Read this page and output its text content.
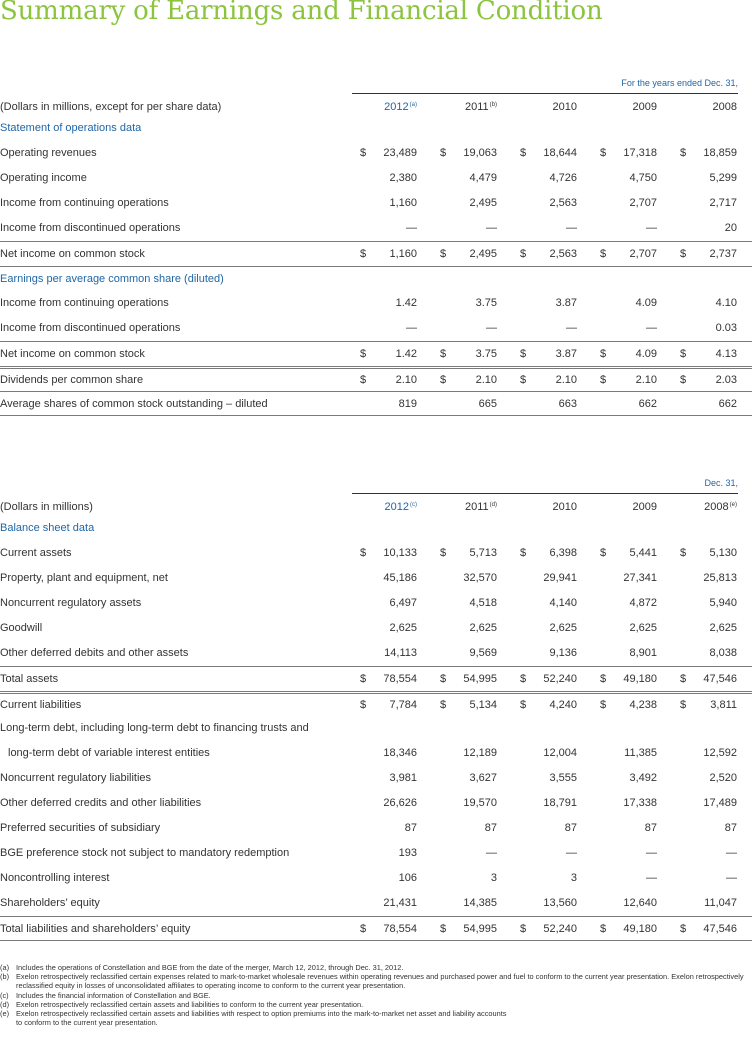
Summary of Earnings and Financial Condition
For the years ended Dec. 31,
(Dollars in millions, except for per share data)	2012$^{(a)}$	2011$^{(b)}$	2010	2009	2008
Statement of operations data
Operating revenues	$ 23,489 $ 19,063 $ 18,644 $ 17,318 $ 18,859
Operating income	2,380	4,479	4,726	4,750	5,299
Income from continuing operations	1,160	2,495	2,563	2,707	2,717
Income from discontinued operations	—	—	—	—	20
Net income on common stock	$ 1,160 $ 2,495 $ 2,563 $ 2,707 $ 2,737
Earnings per average common share (diluted)
Income from continuing operations	1.42	3.75	3.87	4.09	4.10
Income from discontinued operations	—	—	—	—	0.03
Net income on common stock	$	1.42 $	3.75 $	3.87 $	4.09 $	4.13
Dividends per common share	$	2.10 $	2.10 $	2.10 $	2.10 $	2.03
Average shares of common stock outstanding – diluted	819	665	663	662	662
Dec. 31,
(Dollars in millions)	2012$^{(c)}$	2011$^{(d)}$	2010	2009	2008$^{(e)}$
Balance sheet data
Current assets	$ 10,133 $ 5,713 $ 6,398 $ 5,441 $ 5,130
Property, plant and equipment, net	45,186	32,570	29,941	27,341	25,813
Noncurrent regulatory assets	6,497	4,518	4,140	4,872	5,940
Goodwill	2,625	2,625	2,625	2,625	2,625
Other deferred debits and other assets	14,113	9,569	9,136	8,901	8,038
Total assets	$ 78,554 $ 54,995 $ 52,240 $ 49,180 $ 47,546
Current liabilities	$ 7,784 $ 5,134 $ 4,240 $ 4,238 $ 3,811
Long-term debt, including long-term debt to financing trusts and
long-term debt of variable interest entities	18,346	12,189	12,004	11,385	12,592
Noncurrent regulatory liabilities	3,981	3,627	3,555	3,492	2,520
Other deferred credits and other liabilities	26,626	19,570	18,791	17,338	17,489
Preferred securities of subsidiary	87	87	87	87	87
BGE preference stock not subject to mandatory redemption	193	—	—	—	—
Noncontrolling interest	106	3	3	—	—
Shareholders’ equity	21,431	14,385	13,560	12,640	11,047
Total liabilities and shareholders’ equity	$ 78,554 $ 54,995 $ 52,240 $ 49,180 $ 47,546
(a) Includes the operations of Constellation and BGE from the date of the merger, March 12, 2012, through Dec. 31, 2012.
(b) Exelon retrospectively reclassified certain expenses related to mark-to-market wholesale revenues within operating revenues and purchased power and fuel to conform to the current year presentation. Exelon retrospectively reclassified equity in losses of unconsolidated affiliates to operating income to conform to the current year presentation.
(c) Includes the financial information of Constellation and BGE.
(d) Exelon retrospectively reclassified certain assets and liabilities to conform to the current year presentation.
(e) Exelon retrospectively reclassified certain assets and liabilities with respect to option premiums into the mark-to-market net asset and liability accounts
to conform to the current year presentation.
